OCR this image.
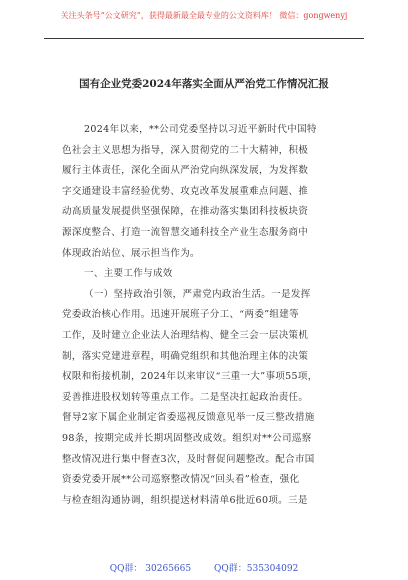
关注头条号“公文研究”，获得最新最全最专业的公文资料库！ 微信：gongwenyj
国有企业党委2024年落实全面从严治党工作情况汇报
2024年以来，**公司党委坚持以习近平新时代中国特
色社会主义思想为指导，深入贯彻党的二十大精神，积极
履行主体责任，深化全面从严治党向纵深发展，为发挥数
字交通建设丰富经验优势、攻克改革发展重难点问题、推
动高质量发展提供坚强保障，在推动落实集团科技板块资
源深度整合、打造一流智慧交通科技全产业生态服务商中
体现政治站位、展示担当作为。
一、主要工作与成效
（一）坚持政治引领，严肃党内政治生活。一是发挥
党委政治核心作用。迅速开展班子分工、“两委”组建等
工作，及时建立企业法人治理结构、健全三会一层决策机
制，落实党建进章程，明确党组织和其他治理主体的决策
权限和衔接机制，2024年以来审议“三重一大”事项55项，
妥善推进股权划转等重点工作。二是坚决扛起政治责任。
督导2家下属企业制定省委巡视反馈意见举一反三整改措施
98条，按期完成并长期巩固整改成效。组织对**公司巡察
整改情况进行集中督查3次，及时督促问题整改。配合市国
资委党委开展**公司巡察整改情况“回头看”检查，强化
与检查组沟通协调，组织提送材料清单6批近60项。三是
QQ群： 30265665	QQ群：535304092
